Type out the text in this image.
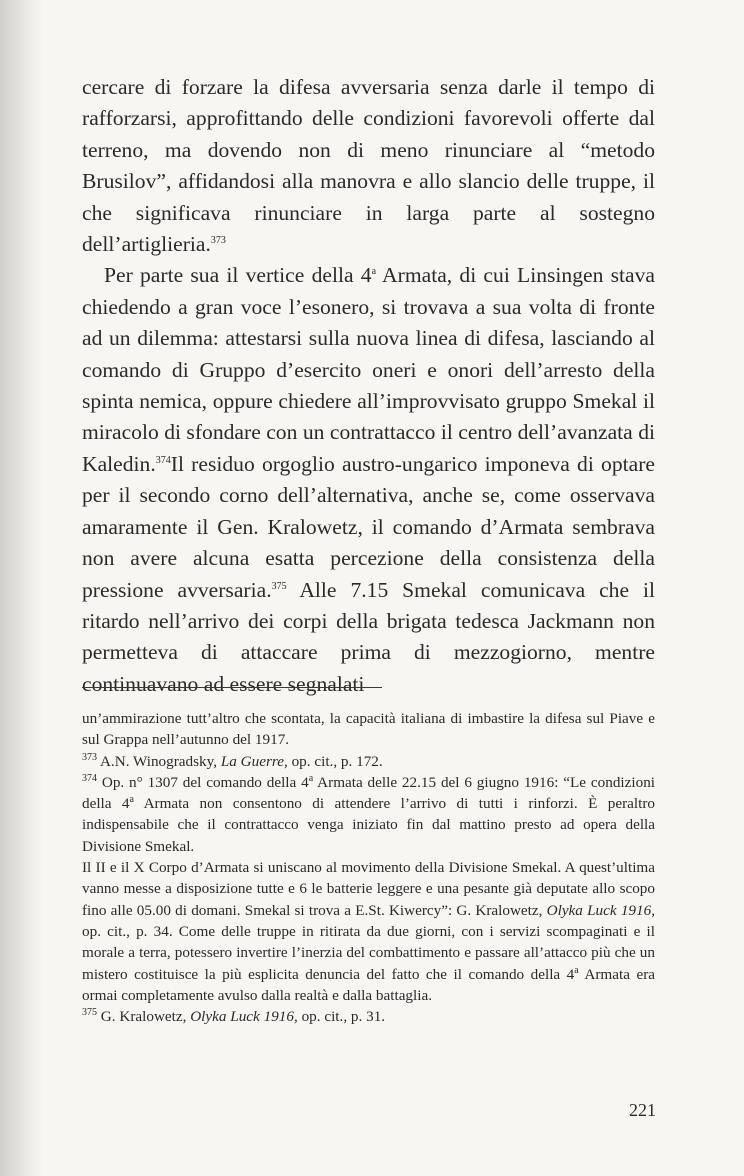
cercare di forzare la difesa avversaria senza darle il tempo di rafforzarsi, approfittando delle condizioni favorevoli offerte dal terreno, ma dovendo non di meno rinunciare al “metodo Brusilov”, affidandosi alla manovra e allo slancio delle truppe, il che significava rinunciare in larga parte al sostegno dell’artiglieria.$^{373}$

Per parte sua il vertice della 4$^a$ Armata, di cui Linsingen stava chiedendo a gran voce l’esonero, si trovava a sua volta di fronte ad un dilemma: attestarsi sulla nuova linea di difesa, lasciando al comando di Gruppo d’esercito oneri e onori dell’arresto della spinta nemica, oppure chiedere all’improvvisato gruppo Smekal il miracolo di sfondare con un contrattacco il centro dell’avanzata di Kaledin.$^{374}$Il residuo orgoglio austro-ungarico imponeva di optare per il secondo corno dell’alternativa, anche se, come osservava amaramente il Gen. Kralowetz, il comando d’Armata sembrava non avere alcuna esatta percezione della consistenza della pressione avversaria.$^{375}$ Alle 7.15 Smekal comunicava che il ritardo nell’arrivo dei corpi della brigata tedesca Jackmann non permetteva di attaccare prima di mezzogiorno, mentre continuavano ad essere segnalati

un’ammirazione tutt’altro che scontata, la capacità italiana di imbastire la difesa sul Piave e sul Grappa nell’autunno del 1917.

$^{373}$ A.N. Winogradsky, La Guerre, op. cit., p. 172.

$^{374}$ Op. n° 1307 del comando della 4$^a$ Armata delle 22.15 del 6 giugno 1916: “Le condizioni della 4$^a$ Armata non consentono di attendere l’arrivo di tutti i rinforzi. È peraltro indispensabile che il contrattacco venga iniziato fin dal mattino presto ad opera della Divisione Smekal.

Il II e il X Corpo d’Armata si uniscano al movimento della Divisione Smekal. A quest’ultima vanno messe a disposizione tutte e 6 le batterie leggere e una pesante già deputate allo scopo fino alle 05.00 di domani. Smekal si trova a E.St. Kiwercy”: G. Kralowetz, Olyka Luck 1916, op. cit., p. 34. Come delle truppe in ritirata da due giorni, con i servizi scompaginati e il morale a terra, potessero invertire l’inerzia del combattimento e passare all’attacco più che un mistero costituisce la più esplicita denuncia del fatto che il comando della 4$^a$ Armata era ormai completamente avulso dalla realtà e dalla battaglia.

$^{375}$ G. Kralowetz, Olyka Luck 1916, op. cit., p. 31.

221
